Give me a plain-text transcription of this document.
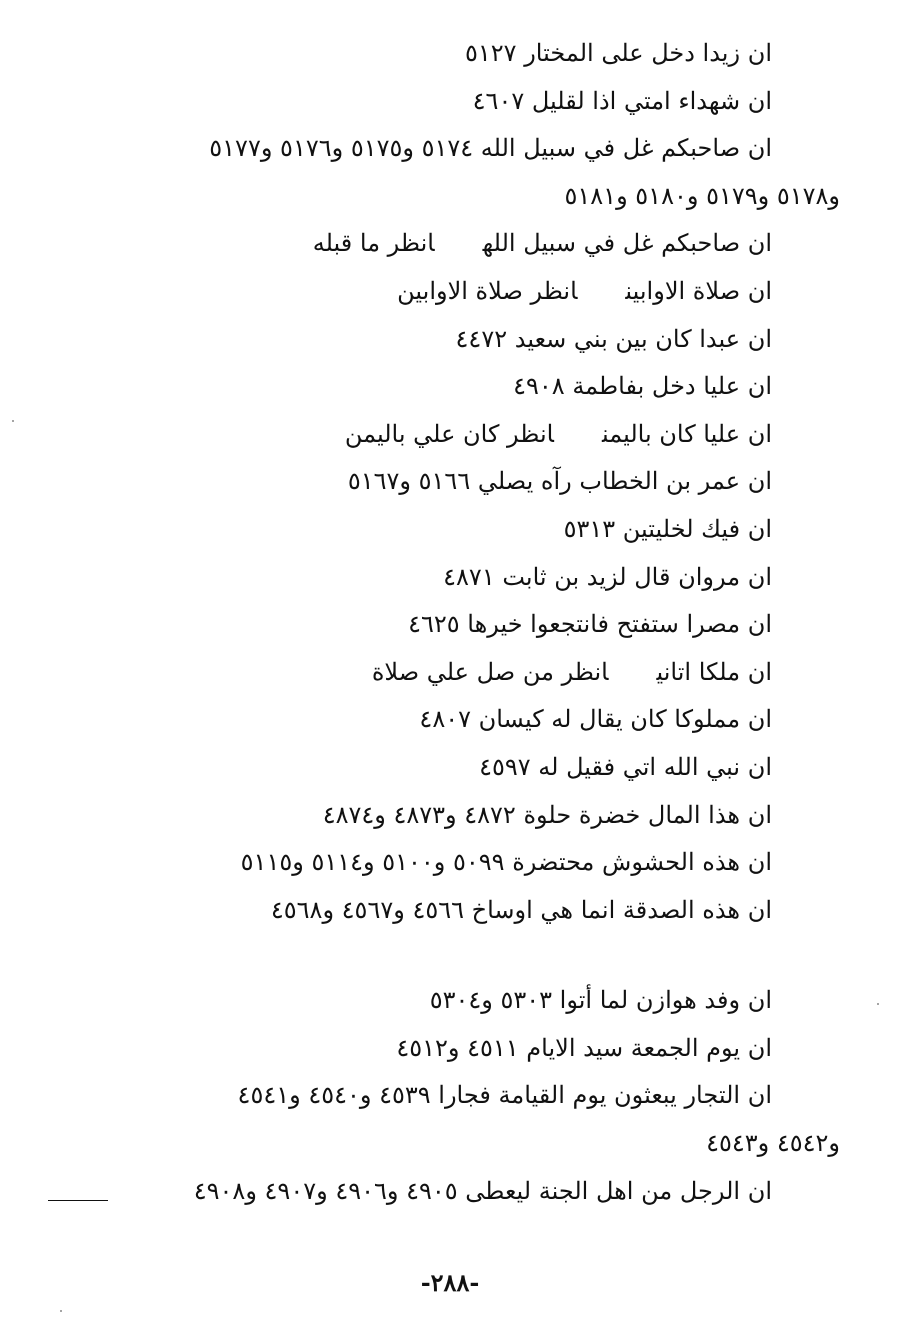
ان زيدا دخل على المختار ٥١٢٧
ان شهداء امتي اذا لقليل ٤٦٠٧
ان صاحبكم غل في سبيل الله ٥١٧٤ و٥١٧٥ و٥١٧٦ و٥١٧٧
و٥١٧٨ و٥١٧٩ و٥١٨٠ و٥١٨١
ان صاحبكم غل في سبيل اللهانظر ما قبله
ان صلاة الاوابينانظر صلاة الاوابين
ان عبدا كان بين بني سعيد ٤٤٧٢
ان عليا دخل بفاطمة ٤٩٠٨
ان عليا كان باليمنانظر كان علي باليمن
ان عمر بن الخطاب رآه يصلي ٥١٦٦ و٥١٦٧
ان فيك لخليتين ٥٣١٣
ان مروان قال لزيد بن ثابت ٤٨٧١
ان مصرا ستفتح فانتجعوا خيرها ٤٦٢٥
ان ملكا اتانيانظر من صل علي صلاة
ان مملوكا كان يقال له كيسان ٤٨٠٧
ان نبي الله اتي فقيل له ٤٥٩٧
ان هذا المال خضرة حلوة ٤٨٧٢ و٤٨٧٣ و٤٨٧٤
ان هذه الحشوش محتضرة ٥٠٩٩ و٥١٠٠ و٥١١٤ و٥١١٥
ان هذه الصدقة انما هي اوساخ ٤٥٦٦ و٤٥٦٧ و٤٥٦٨
ان وفد هوازن لما أتوا ٥٣٠٣ و٥٣٠٤
ان يوم الجمعة سيد الايام ٤٥١١ و٤٥١٢
ان التجار يبعثون يوم القيامة فجارا ٤٥٣٩ و٤٥٤٠ و٤٥٤١
و٤٥٤٢ و٤٥٤٣
ان الرجل من اهل الجنة ليعطى ٤٩٠٥ و٤٩٠٦ و٤٩٠٧ و٤٩٠٨
-٢٨٨-
